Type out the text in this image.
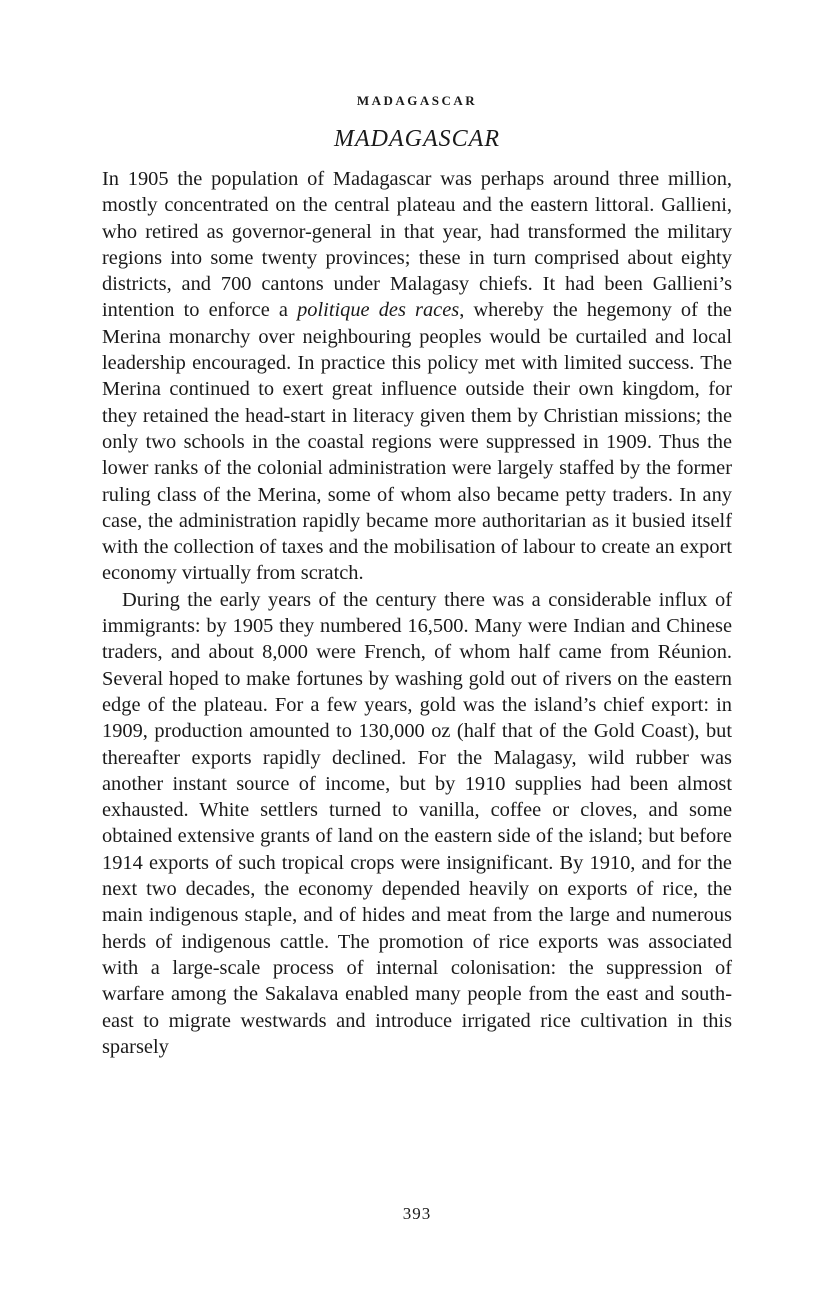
MADAGASCAR
MADAGASCAR

In 1905 the population of Madagascar was perhaps around three million, mostly concentrated on the central plateau and the eastern littoral. Gallieni, who retired as governor-general in that year, had transformed the military regions into some twenty provinces; these in turn comprised about eighty districts, and 700 cantons under Malagasy chiefs. It had been Gallieni’s intention to enforce a politique des races, whereby the hegemony of the Merina monarchy over neighbouring peoples would be curtailed and local leadership encouraged. In practice this policy met with limited success. The Merina continued to exert great influence outside their own kingdom, for they retained the head-start in literacy given them by Christian missions; the only two schools in the coastal regions were suppressed in 1909. Thus the lower ranks of the colonial administration were largely staffed by the former ruling class of the Merina, some of whom also became petty traders. In any case, the administration rapidly became more authoritarian as it busied itself with the collection of taxes and the mobilisation of labour to create an export economy virtually from scratch.

During the early years of the century there was a considerable influx of immigrants: by 1905 they numbered 16,500. Many were Indian and Chinese traders, and about 8,000 were French, of whom half came from Réunion. Several hoped to make fortunes by washing gold out of rivers on the eastern edge of the plateau. For a few years, gold was the island’s chief export: in 1909, production amounted to 130,000 oz (half that of the Gold Coast), but thereafter exports rapidly declined. For the Malagasy, wild rubber was another instant source of income, but by 1910 supplies had been almost exhausted. White settlers turned to vanilla, coffee or cloves, and some obtained extensive grants of land on the eastern side of the island; but before 1914 exports of such tropical crops were insignificant. By 1910, and for the next two decades, the economy depended heavily on exports of rice, the main indigenous staple, and of hides and meat from the large and numerous herds of indigenous cattle. The promotion of rice exports was associated with a large-scale process of internal colonisation: the suppression of warfare among the Sakalava enabled many people from the east and south-east to migrate westwards and introduce irrigated rice cultivation in this sparsely

393
